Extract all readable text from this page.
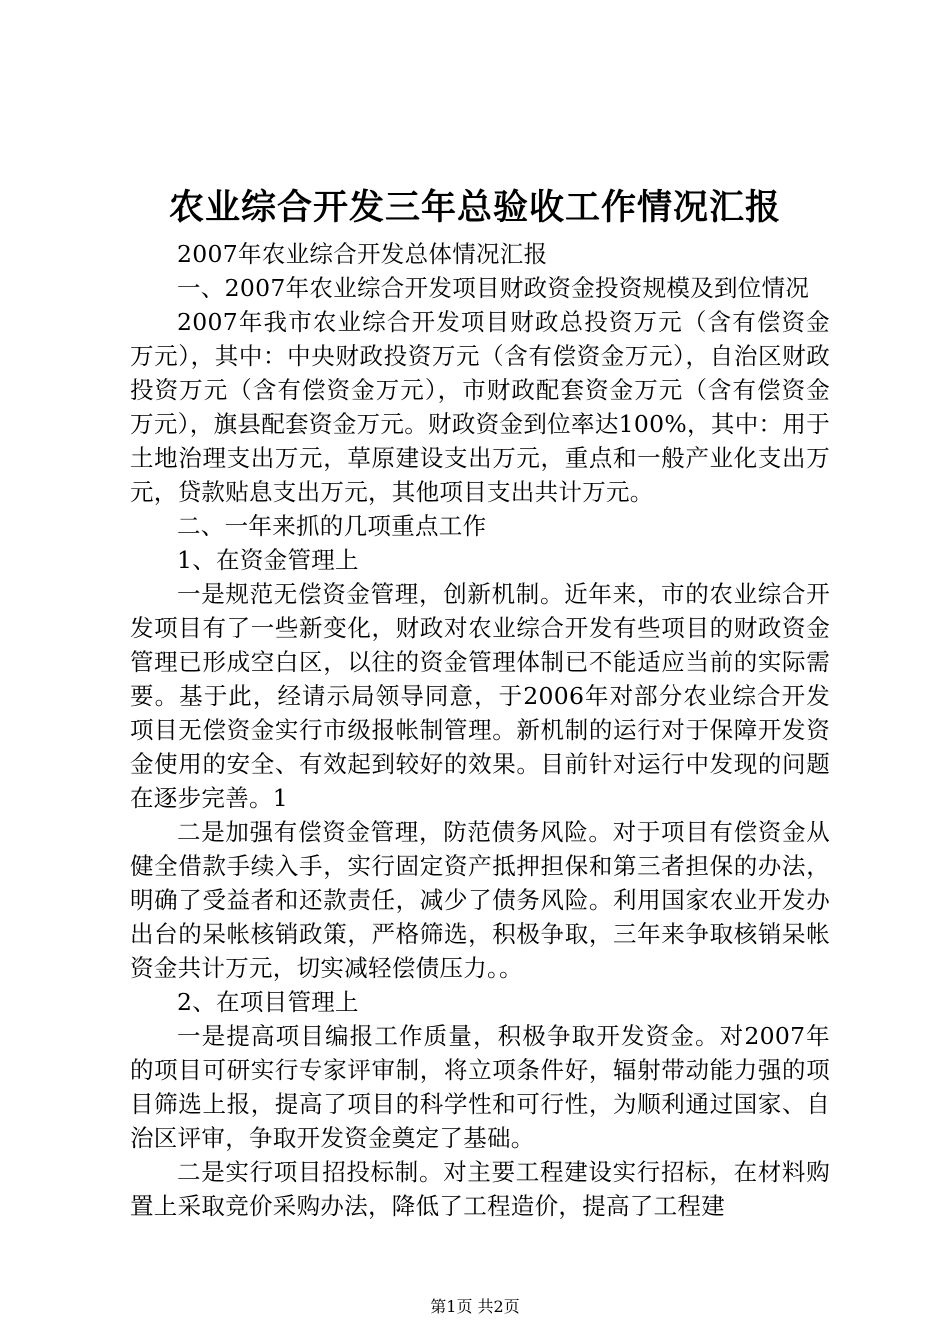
农业综合开发三年总验收工作情况汇报

2007年农业综合开发总体情况汇报

一、2007年农业综合开发项目财政资金投资规模及到位情况

2007年我市农业综合开发项目财政总投资万元（含有偿资金万元），其中：中央财政投资万元（含有偿资金万元），自治区财政投资万元（含有偿资金万元），市财政配套资金万元（含有偿资金万元），旗县配套资金万元。财政资金到位率达100%，其中：用于土地治理支出万元，草原建设支出万元，重点和一般产业化支出万元，贷款贴息支出万元，其他项目支出共计万元。

二、一年来抓的几项重点工作

1、在资金管理上

一是规范无偿资金管理，创新机制。近年来，市的农业综合开发项目有了一些新变化，财政对农业综合开发有些项目的财政资金管理已形成空白区，以往的资金管理体制已不能适应当前的实际需要。基于此，经请示局领导同意，于2006年对部分农业综合开发项目无偿资金实行市级报帐制管理。新机制的运行对于保障开发资金使用的安全、有效起到较好的效果。目前针对运行中发现的问题在逐步完善。1

二是加强有偿资金管理，防范债务风险。对于项目有偿资金从健全借款手续入手，实行固定资产抵押担保和第三者担保的办法，明确了受益者和还款责任，减少了债务风险。利用国家农业开发办出台的呆帐核销政策，严格筛选，积极争取，三年来争取核销呆帐资金共计万元，切实减轻偿债压力。。

2、在项目管理上

一是提高项目编报工作质量，积极争取开发资金。对2007年的项目可研实行专家评审制，将立项条件好，辐射带动能力强的项目筛选上报，提高了项目的科学性和可行性，为顺利通过国家、自治区评审，争取开发资金奠定了基础。

二是实行项目招投标制。对主要工程建设实行招标，在材料购置上采取竞价采购办法，降低了工程造价，提高了工程建

第1页 共2页
